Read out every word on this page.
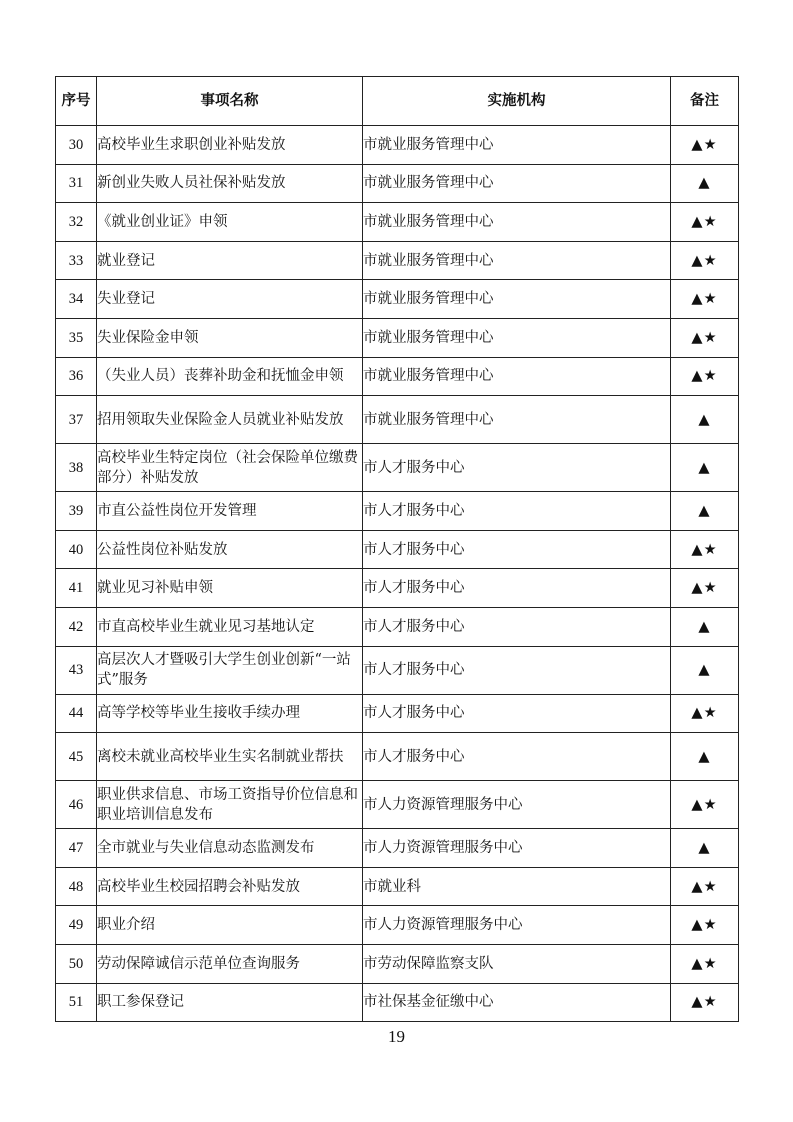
序号	事项名称	实施机构	备注
30	高校毕业生求职创业补贴发放	市就业服务管理中心	▲★
31	新创业失败人员社保补贴发放	市就业服务管理中心	▲
32	《就业创业证》申领	市就业服务管理中心	▲★
33	就业登记	市就业服务管理中心	▲★
34	失业登记	市就业服务管理中心	▲★
35	失业保险金申领	市就业服务管理中心	▲★
36	（失业人员）丧葬补助金和抚恤金申领	市就业服务管理中心	▲★
37	招用领取失业保险金人员就业补贴发放	市就业服务管理中心	▲
38	高校毕业生特定岗位（社会保险单位缴费部分）补贴发放	市人才服务中心	▲
39	市直公益性岗位开发管理	市人才服务中心	▲
40	公益性岗位补贴发放	市人才服务中心	▲★
41	就业见习补贴申领	市人才服务中心	▲★
42	市直高校毕业生就业见习基地认定	市人才服务中心	▲
43	高层次人才暨吸引大学生创业创新“一站式”服务	市人才服务中心	▲
44	高等学校等毕业生接收手续办理	市人才服务中心	▲★
45	离校未就业高校毕业生实名制就业帮扶	市人才服务中心	▲
46	职业供求信息、市场工资指导价位信息和职业培训信息发布	市人力资源管理服务中心	▲★
47	全市就业与失业信息动态监测发布	市人力资源管理服务中心	▲
48	高校毕业生校园招聘会补贴发放	市就业科	▲★
49	职业介绍	市人力资源管理服务中心	▲★
50	劳动保障诚信示范单位查询服务	市劳动保障监察支队	▲★
51	职工参保登记	市社保基金征缴中心	▲★
19
